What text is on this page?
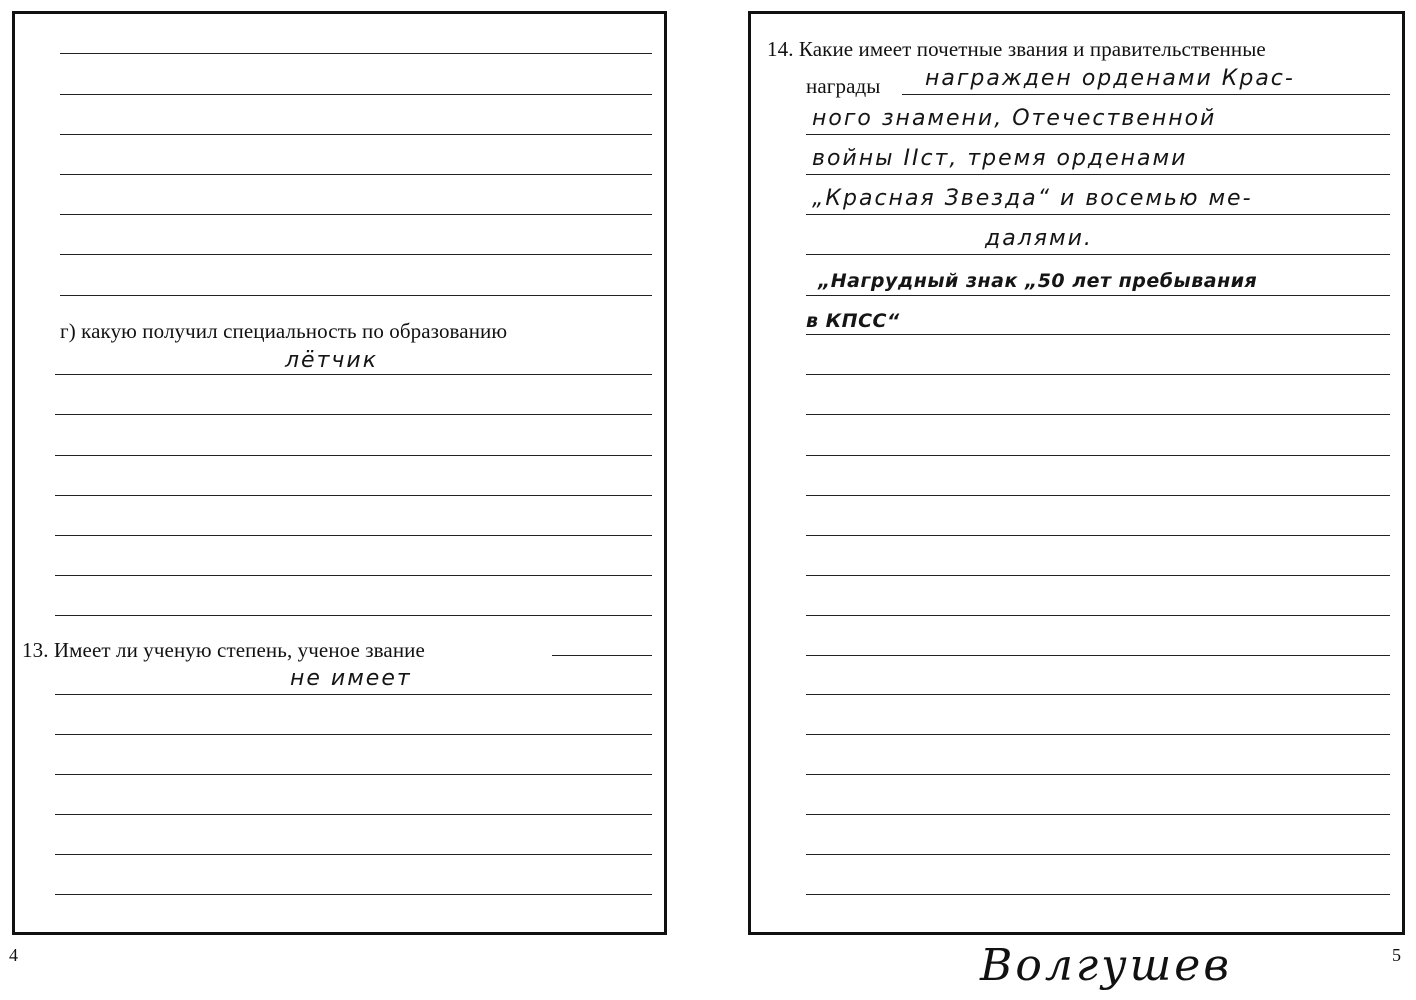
г) какую получил специальность по образованию
лётчик
13. Имеет ли ученую степень, ученое звание
не имеет
4
14. Какие имеет почетные звания и правительственные
награды награжден орденами Крас-
ного знамени, Отечественной
войны IIст, тремя орденами
„Красная Звезда“ и восемью ме-
далями.
„Нагрудный знак „50 лет пребывания
в КПСС“
5
Волгушев
